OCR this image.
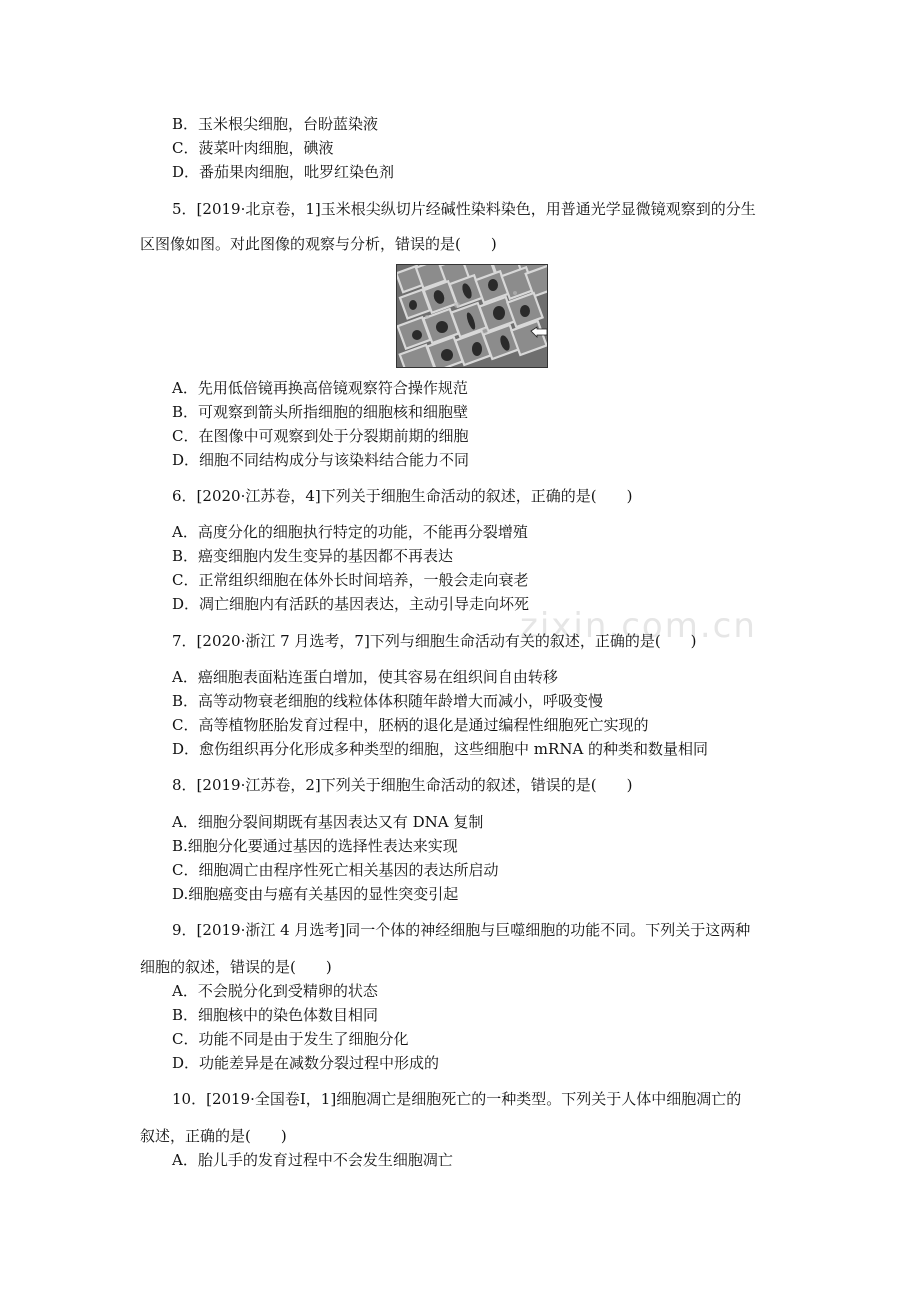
B．玉米根尖细胞，台盼蓝染液
C．菠菜叶肉细胞，碘液
D．番茄果肉细胞，吡罗红染色剂
5．[2019·北京卷，1]玉米根尖纵切片经碱性染料染色，用普通光学显微镜观察到的分生
区图像如图。对此图像的观察与分析，错误的是(　　)
A．先用低倍镜再换高倍镜观察符合操作规范
B．可观察到箭头所指细胞的细胞核和细胞壁
C．在图像中可观察到处于分裂期前期的细胞
D．细胞不同结构成分与该染料结合能力不同
6．[2020·江苏卷，4]下列关于细胞生命活动的叙述，正确的是(　　)
A．高度分化的细胞执行特定的功能，不能再分裂增殖
B．癌变细胞内发生变异的基因都不再表达
C．正常组织细胞在体外长时间培养，一般会走向衰老
D．凋亡细胞内有活跃的基因表达，主动引导走向坏死
zixin.com.cn
7．[2020·浙江 7 月选考，7]下列与细胞生命活动有关的叙述，正确的是(　　)
A．癌细胞表面粘连蛋白增加，使其容易在组织间自由转移
B．高等动物衰老细胞的线粒体体积随年龄增大而减小，呼吸变慢
C．高等植物胚胎发育过程中，胚柄的退化是通过编程性细胞死亡实现的
D．愈伤组织再分化形成多种类型的细胞，这些细胞中 mRNA 的种类和数量相同
8．[2019·江苏卷，2]下列关于细胞生命活动的叙述，错误的是(　　)
A．细胞分裂间期既有基因表达又有 DNA 复制
B.细胞分化要通过基因的选择性表达来实现
C．细胞凋亡由程序性死亡相关基因的表达所启动
D.细胞癌变由与癌有关基因的显性突变引起
9．[2019·浙江 4 月选考]同一个体的神经细胞与巨噬细胞的功能不同。下列关于这两种
细胞的叙述，错误的是(　　)
A．不会脱分化到受精卵的状态
B．细胞核中的染色体数目相同
C．功能不同是由于发生了细胞分化
D．功能差异是在减数分裂过程中形成的
10．[2019·全国卷Ⅰ，1]细胞凋亡是细胞死亡的一种类型。下列关于人体中细胞凋亡的
叙述，正确的是(　　)
A．胎儿手的发育过程中不会发生细胞凋亡
